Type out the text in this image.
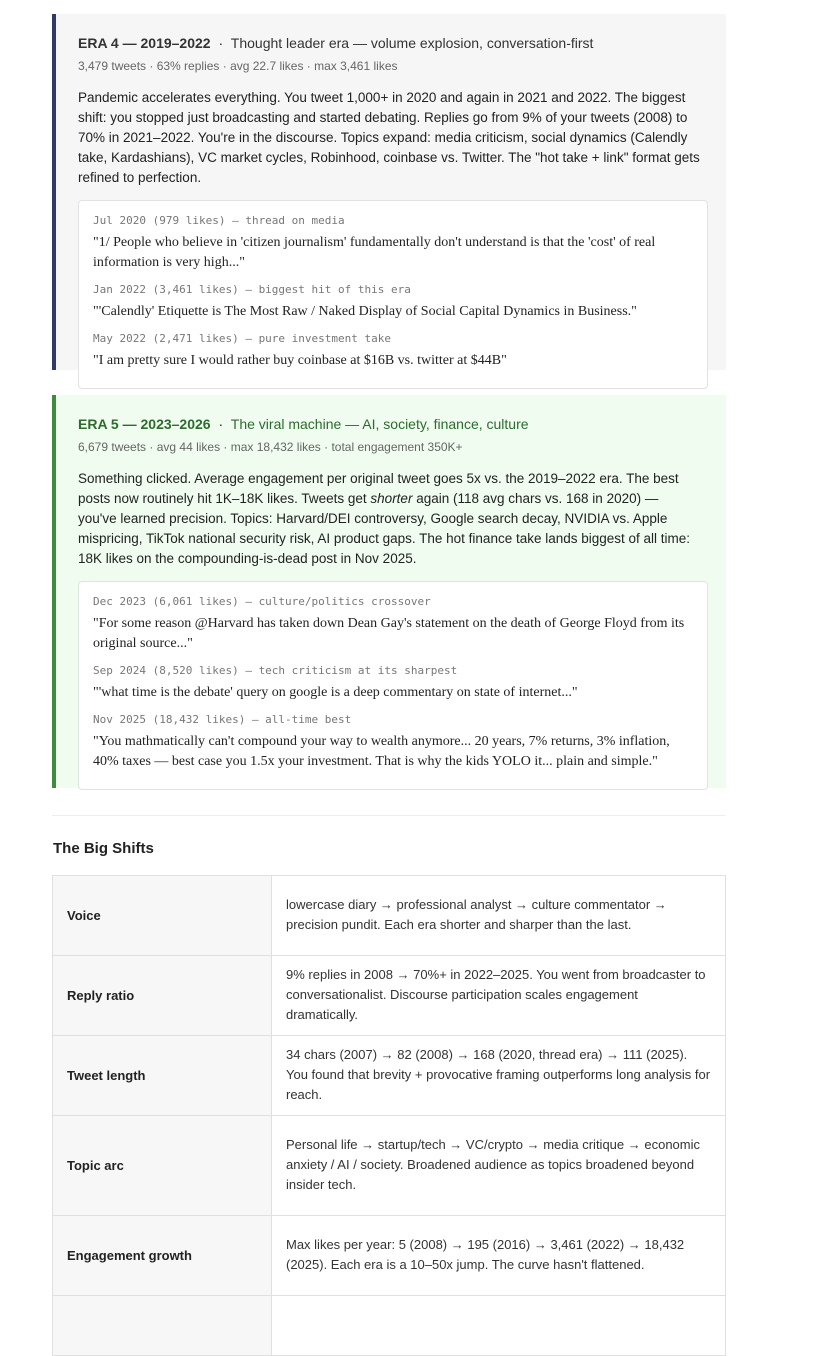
ERA 4 — 2019–2022 · Thought leader era — volume explosion, conversation-first
3,479 tweets · 63% replies · avg 22.7 likes · max 3,461 likes
Pandemic accelerates everything. You tweet 1,000+ in 2020 and again in 2021 and 2022. The biggest shift: you stopped just broadcasting and started debating. Replies go from 9% of your tweets (2008) to 70% in 2021–2022. You're in the discourse. Topics expand: media criticism, social dynamics (Calendly take, Kardashians), VC market cycles, Robinhood, coinbase vs. Twitter. The "hot take + link" format gets refined to perfection.
Jul 2020 (979 likes) — thread on media
"1/ People who believe in 'citizen journalism' fundamentally don't understand is that the 'cost' of real information is very high..."
Jan 2022 (3,461 likes) — biggest hit of this era
"'Calendly' Etiquette is The Most Raw / Naked Display of Social Capital Dynamics in Business."
May 2022 (2,471 likes) — pure investment take
"I am pretty sure I would rather buy coinbase at $16B vs. twitter at $44B"
ERA 5 — 2023–2026 · The viral machine — AI, society, finance, culture
6,679 tweets · avg 44 likes · max 18,432 likes · total engagement 350K+
Something clicked. Average engagement per original tweet goes 5x vs. the 2019–2022 era. The best posts now routinely hit 1K–18K likes. Tweets get shorter again (118 avg chars vs. 168 in 2020) — you've learned precision. Topics: Harvard/DEI controversy, Google search decay, NVIDIA vs. Apple mispricing, TikTok national security risk, AI product gaps. The hot finance take lands biggest of all time: 18K likes on the compounding-is-dead post in Nov 2025.
Dec 2023 (6,061 likes) — culture/politics crossover
"For some reason @Harvard has taken down Dean Gay's statement on the death of George Floyd from its original source..."
Sep 2024 (8,520 likes) — tech criticism at its sharpest
"'what time is the debate' query on google is a deep commentary on state of internet..."
Nov 2025 (18,432 likes) — all-time best
"You mathmatically can't compound your way to wealth anymore... 20 years, 7% returns, 3% inflation, 40% taxes — best case you 1.5x your investment. That is why the kids YOLO it... plain and simple."
The Big Shifts
Voice	lowercase diary → professional analyst → culture commentator → precision pundit. Each era shorter and sharper than the last.
Reply ratio	9% replies in 2008 → 70%+ in 2022–2025. You went from broadcaster to conversationalist. Discourse participation scales engagement dramatically.
Tweet length	34 chars (2007) → 82 (2008) → 168 (2020, thread era) → 111 (2025). You found that brevity + provocative framing outperforms long analysis for reach.
Topic arc	Personal life → startup/tech → VC/crypto → media critique → economic anxiety / AI / society. Broadened audience as topics broadened beyond insider tech.
Engagement growth	Max likes per year: 5 (2008) → 195 (2016) → 3,461 (2022) → 18,432 (2025). Each era is a 10–50x jump. The curve hasn't flattened.
